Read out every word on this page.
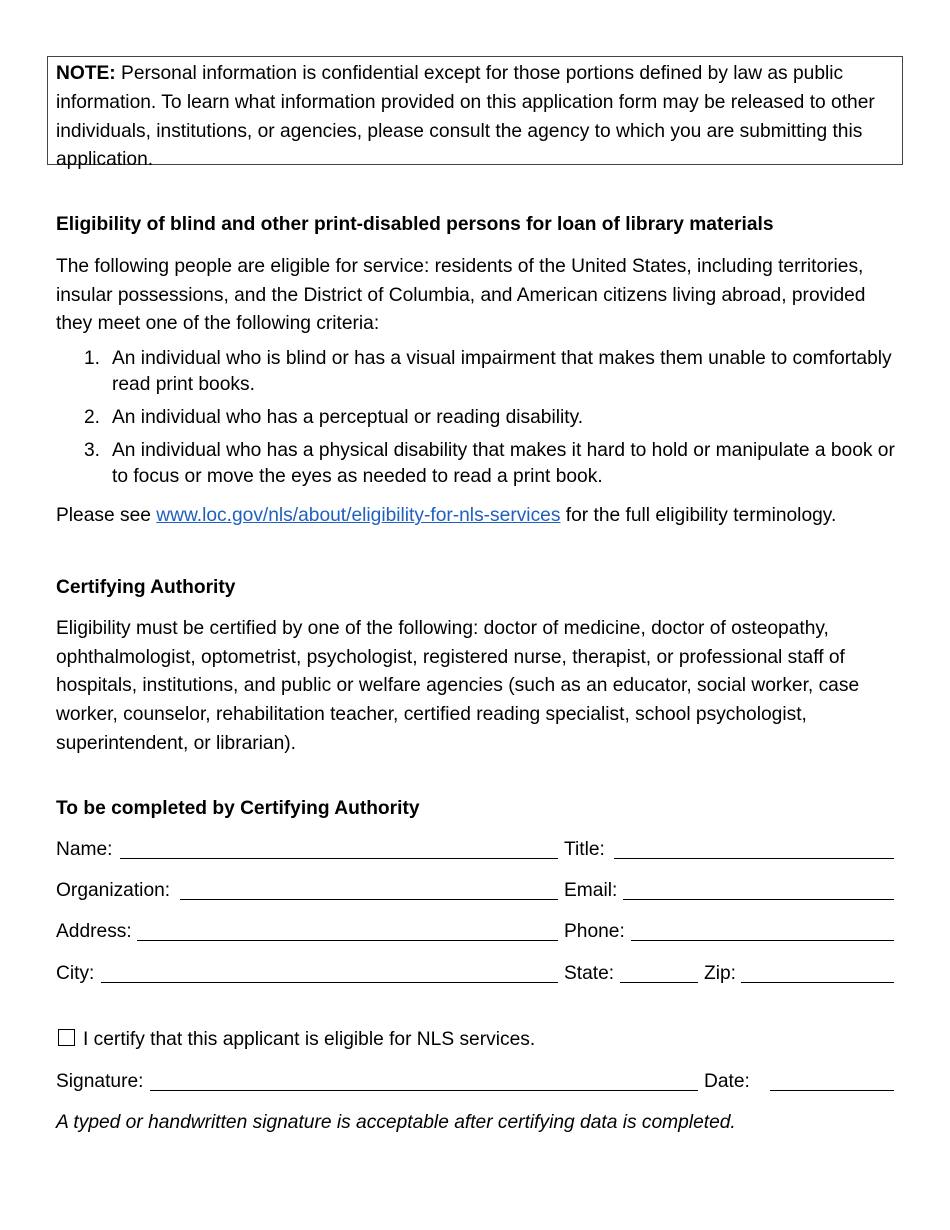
NOTE: Personal information is confidential except for those portions defined by law as public information. To learn what information provided on this application form may be released to other individuals, institutions, or agencies, please consult the agency to which you are submitting this application.

Eligibility of blind and other print-disabled persons for loan of library materials

The following people are eligible for service: residents of the United States, including territories, insular possessions, and the District of Columbia, and American citizens living abroad, provided they meet one of the following criteria:

1. An individual who is blind or has a visual impairment that makes them unable to comfortably read print books.
2. An individual who has a perceptual or reading disability.
3. An individual who has a physical disability that makes it hard to hold or manipulate a book or to focus or move the eyes as needed to read a print book.

Please see www.loc.gov/nls/about/eligibility-for-nls-services for the full eligibility terminology.

Certifying Authority

Eligibility must be certified by one of the following: doctor of medicine, doctor of osteopathy, ophthalmologist, optometrist, psychologist, registered nurse, therapist, or professional staff of hospitals, institutions, and public or welfare agencies (such as an educator, social worker, case worker, counselor, rehabilitation teacher, certified reading specialist, school psychologist, superintendent, or librarian).

To be completed by Certifying Authority

Name:	Title:
Organization:	Email:
Address:	Phone:
City:	State:	Zip:
I certify that this applicant is eligible for NLS services.
Signature:	Date:
A typed or handwritten signature is acceptable after certifying data is completed.
